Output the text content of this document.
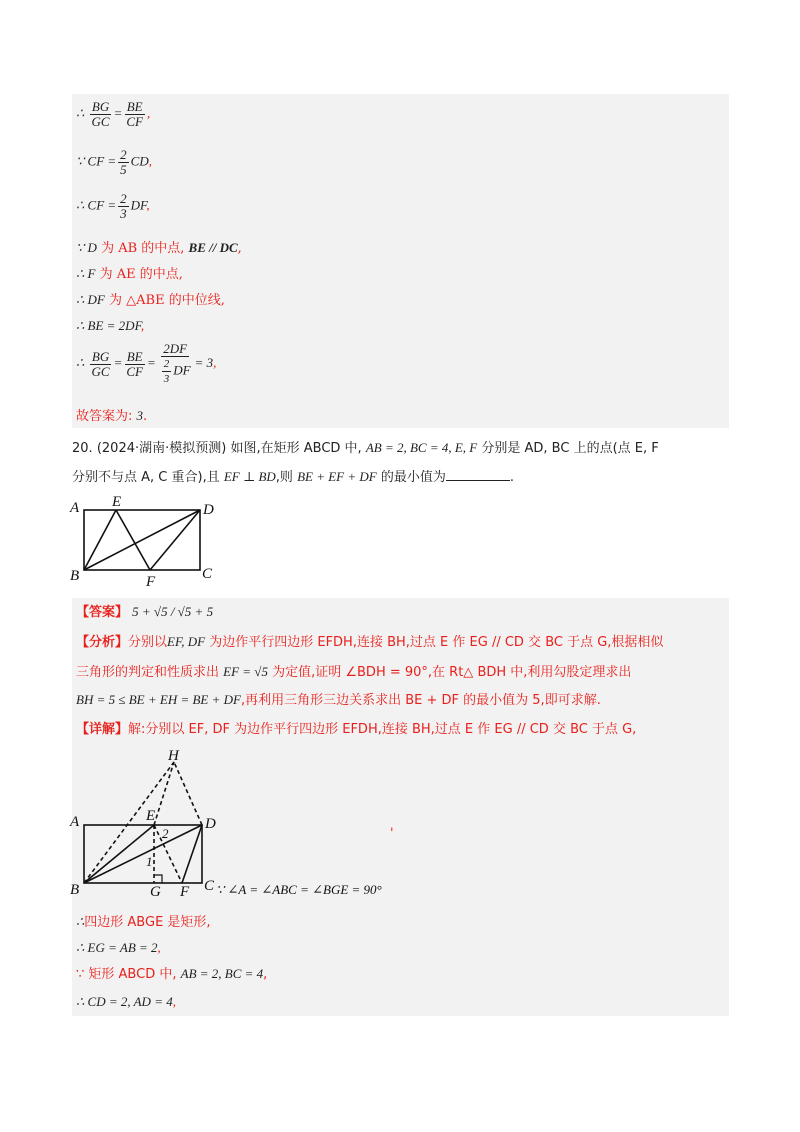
∴ $\frac{BG}{GC} = \frac{BE}{CF}$ ,
∵ CF = $\frac{2}{5}$ CD,
∴ CF = $\frac{2}{3}$ DF,
∵ D 为 AB 的中点, BE // DC,
∴ F 为 AE 的中点,
∴ DF 为 △ABE 的中位线,
∴ BE = 2DF,
∴ $\frac{BG}{GC} = \frac{BE}{CF} = \frac{2DF}{\frac{2}{3} DF} = 3$,
故答案为: 3.
20. (2024·湖南·模拟预测) 如图,在矩形 ABCD 中, AB = 2, BC = 4, E, F 分别是 AD, BC 上的点(点 E, F
分别不与点 A, C 重合),且 EF ⊥ BD,则 BE + EF + DF 的最小值为	.
A E	D
B	F	C
【答案】 5 + √5 / √5 + 5
【分析】分别以EF, DF 为边作平行四边形 EFDH,连接 BH,过点 E 作 EG // CD 交 BC 于点 G,根据相似
三角形的判定和性质求出 EF = √5 为定值,证明 ∠BDH = 90°,在 Rt△ BDH 中,利用勾股定理求出
BH = 5 ≤ BE + EH = BE + DF,再利用三角形三边关系求出 BE + DF 的最小值为 5,即可求解.
【详解】解:分别以 EF, DF 为边作平行四边形 EFDH,连接 BH,过点 E 作 EG // CD 交 BC 于点 G,
H
A	E	D
B	G F C
1
2
∵ ∠A = ∠ABC = ∠BGE = 90°
'
∴四边形 ABGE 是矩形,
∴ EG = AB = 2,
∵ 矩形 ABCD 中, AB = 2, BC = 4,
∴ CD = 2, AD = 4,
